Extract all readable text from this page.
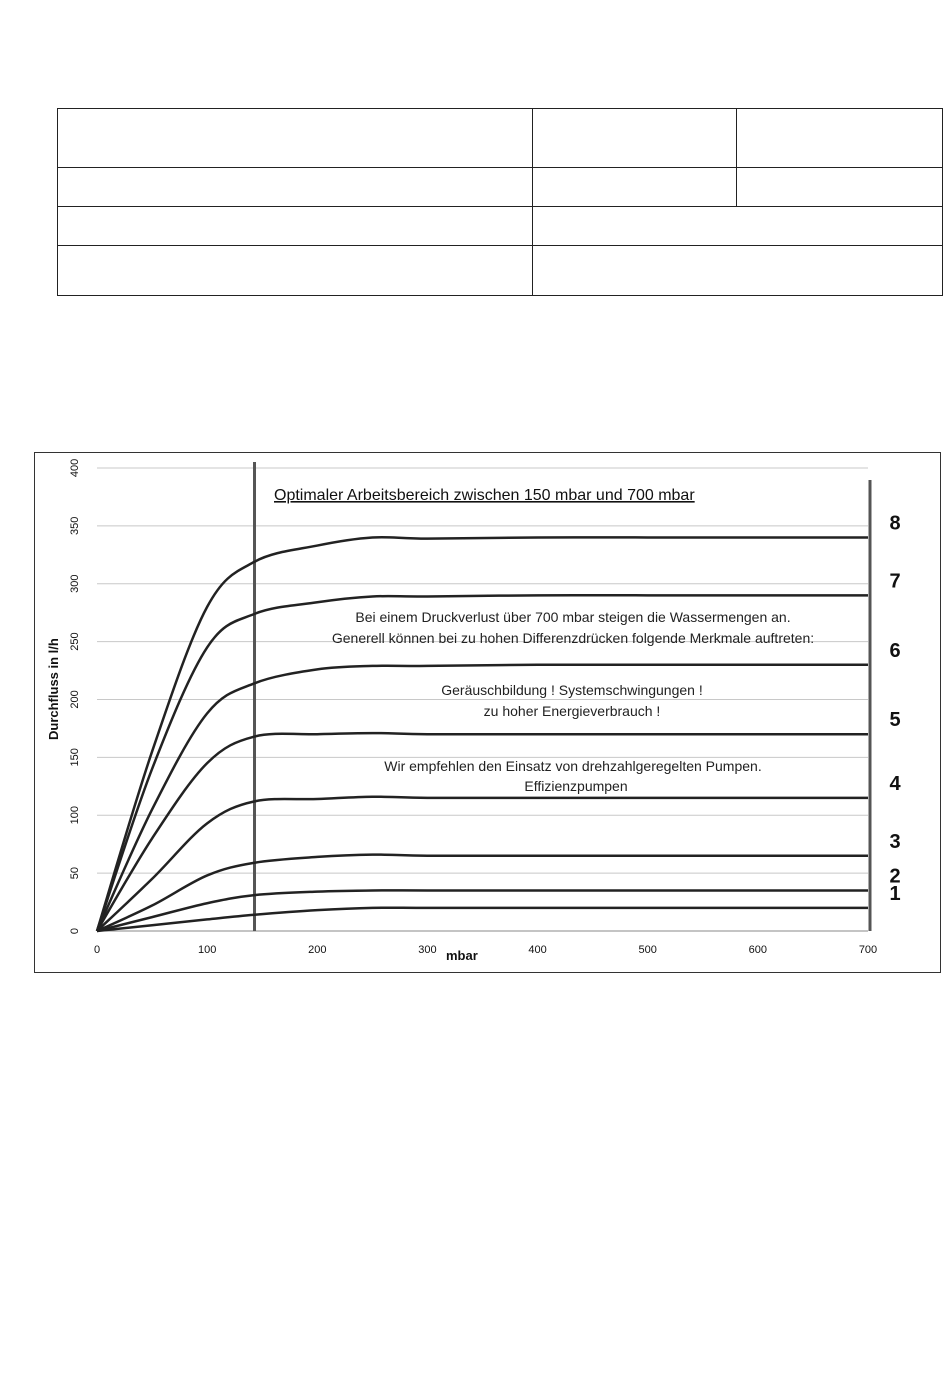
0
50
100
150
200
250
300
350
400
0	100	200	300	400	500	600	700
1
2
3
4
5
6
7
8
Optimaler Arbeitsbereich zwischen 150 mbar und 700 mbar
mbar
Durchfluss in l/h
Bei einem Druckverlust über 700 mbar steigen die Wassermengen an.
Generell können bei zu hohen Differenzdrücken folgende Merkmale auftreten:
Geräuschbildung ! Systemschwingungen !
zu hoher Energieverbrauch !
Wir empfehlen den Einsatz von drehzahlgeregelten Pumpen.
Effizienzpumpen
